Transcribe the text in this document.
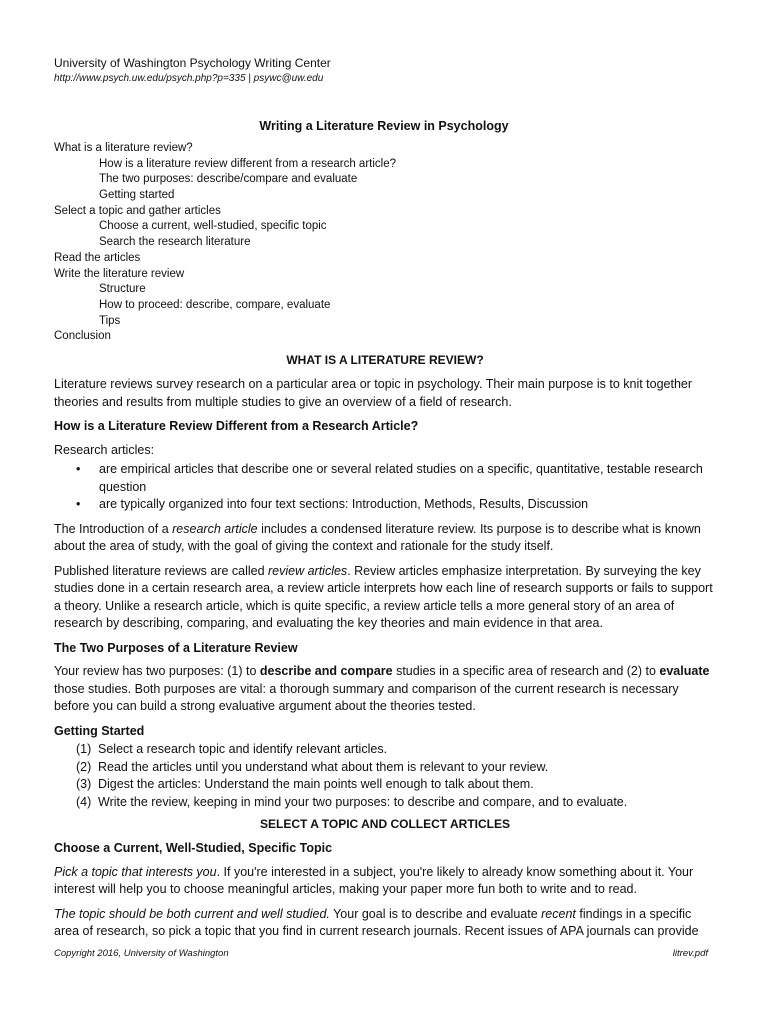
University of Washington Psychology Writing Center
http://www.psych.uw.edu/psych.php?p=335 | psywc@uw.edu
Writing a Literature Review in Psychology
What is a literature review?
How is a literature review different from a research article?
The two purposes: describe/compare and evaluate
Getting started
Select a topic and gather articles
Choose a current, well-studied, specific topic
Search the research literature
Read the articles
Write the literature review
Structure
How to proceed: describe, compare, evaluate
Tips
Conclusion
WHAT IS A LITERATURE REVIEW?

Literature reviews survey research on a particular area or topic in psychology. Their main purpose is to knit together theories and results from multiple studies to give an overview of a field of research.

How is a Literature Review Different from a Research Article?

Research articles:

• are empirical articles that describe one or several related studies on a specific, quantitative, testable research question
• are typically organized into four text sections: Introduction, Methods, Results, Discussion

The Introduction of a research article includes a condensed literature review. Its purpose is to describe what is known about the area of study, with the goal of giving the context and rationale for the study itself.

Published literature reviews are called review articles. Review articles emphasize interpretation. By surveying the key studies done in a certain research area, a review article interprets how each line of research supports or fails to support a theory. Unlike a research article, which is quite specific, a review article tells a more general story of an area of research by describing, comparing, and evaluating the key theories and main evidence in that area.

The Two Purposes of a Literature Review

Your review has two purposes: (1) to describe and compare studies in a specific area of research and (2) to evaluate those studies. Both purposes are vital: a thorough summary and comparison of the current research is necessary before you can build a strong evaluative argument about the theories tested.

Getting Started

(1) Select a research topic and identify relevant articles.
(2) Read the articles until you understand what about them is relevant to your review.
(3) Digest the articles: Understand the main points well enough to talk about them.
(4) Write the review, keeping in mind your two purposes: to describe and compare, and to evaluate.
SELECT A TOPIC AND COLLECT ARTICLES

Choose a Current, Well-Studied, Specific Topic

Pick a topic that interests you. If you're interested in a subject, you're likely to already know something about it. Your interest will help you to choose meaningful articles, making your paper more fun both to write and to read.

The topic should be both current and well studied. Your goal is to describe and evaluate recent findings in a specific area of research, so pick a topic that you find in current research journals. Recent issues of APA journals can provide

Copyright 2016, University of Washington	litrev.pdf
